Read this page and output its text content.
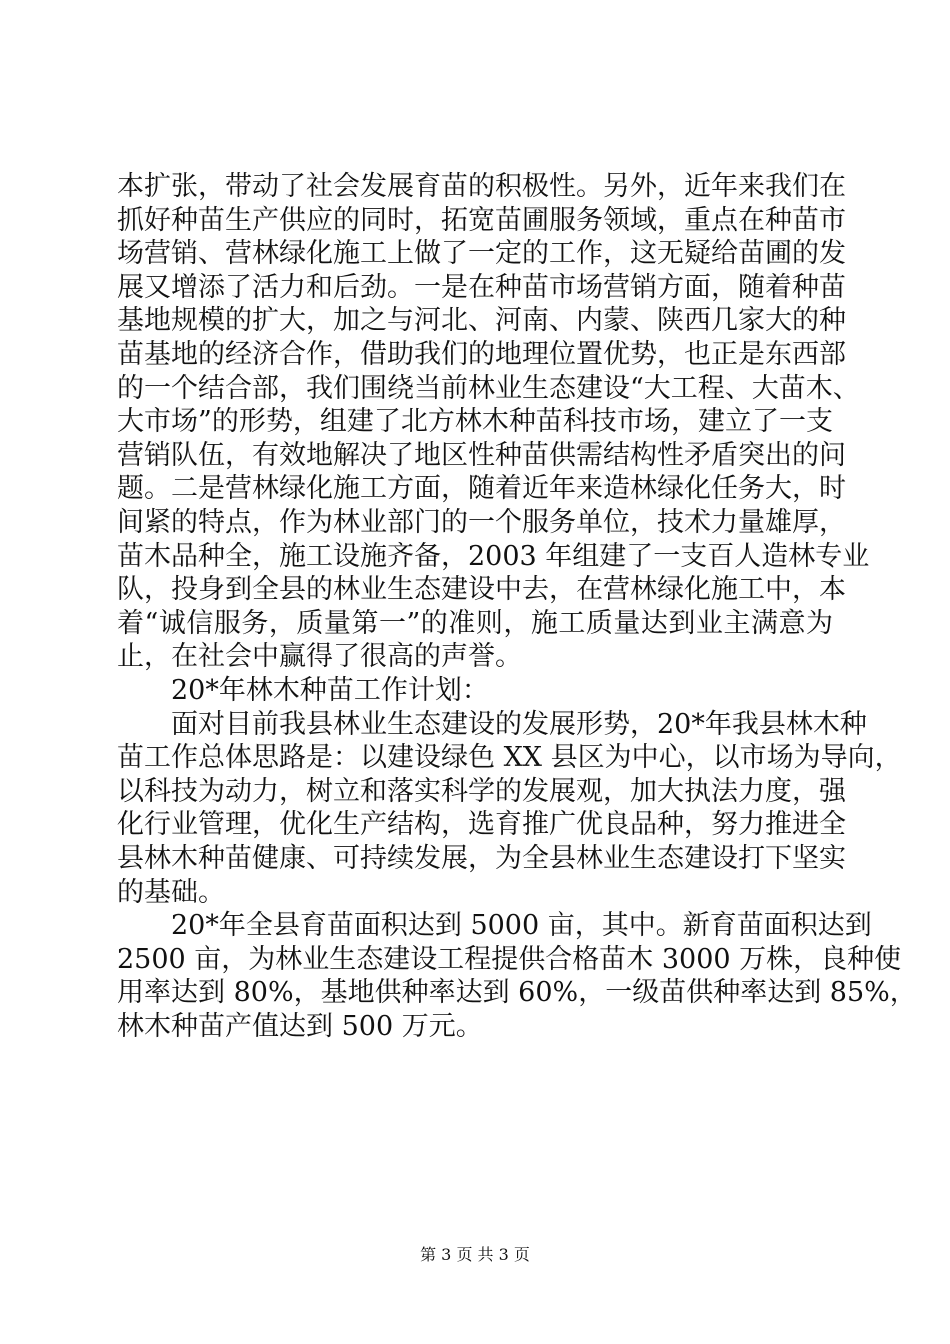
本扩张，带动了社会发展育苗的积极性。另外，近年来我们在
抓好种苗生产供应的同时，拓宽苗圃服务领域，重点在种苗市
场营销、营林绿化施工上做了一定的工作，这无疑给苗圃的发
展又增添了活力和后劲。一是在种苗市场营销方面，随着种苗
基地规模的扩大，加之与河北、河南、内蒙、陕西几家大的种
苗基地的经济合作，借助我们的地理位置优势，也正是东西部
的一个结合部，我们围绕当前林业生态建设“大工程、大苗木、
大市场”的形势，组建了北方林木种苗科技市场，建立了一支
营销队伍，有效地解决了地区性种苗供需结构性矛盾突出的问
题。二是营林绿化施工方面，随着近年来造林绿化任务大，时
间紧的特点，作为林业部门的一个服务单位，技术力量雄厚，
苗木品种全，施工设施齐备，2003 年组建了一支百人造林专业
队，投身到全县的林业生态建设中去，在营林绿化施工中，本
着“诚信服务，质量第一”的准则，施工质量达到业主满意为
止，在社会中赢得了很高的声誉。
　　20*年林木种苗工作计划：
　　面对目前我县林业生态建设的发展形势，20*年我县林木种
苗工作总体思路是：以建设绿色 XX 县区为中心，以市场为导向，
以科技为动力，树立和落实科学的发展观，加大执法力度，强
化行业管理，优化生产结构，选育推广优良品种，努力推进全
县林木种苗健康、可持续发展，为全县林业生态建设打下坚实
的基础。
　　20*年全县育苗面积达到 5000 亩，其中。新育苗面积达到
2500 亩，为林业生态建设工程提供合格苗木 3000 万株，良种使
用率达到 80%，基地供种率达到 60%，一级苗供种率达到 85%，
林木种苗产值达到 500 万元。
第 3 页 共 3 页
